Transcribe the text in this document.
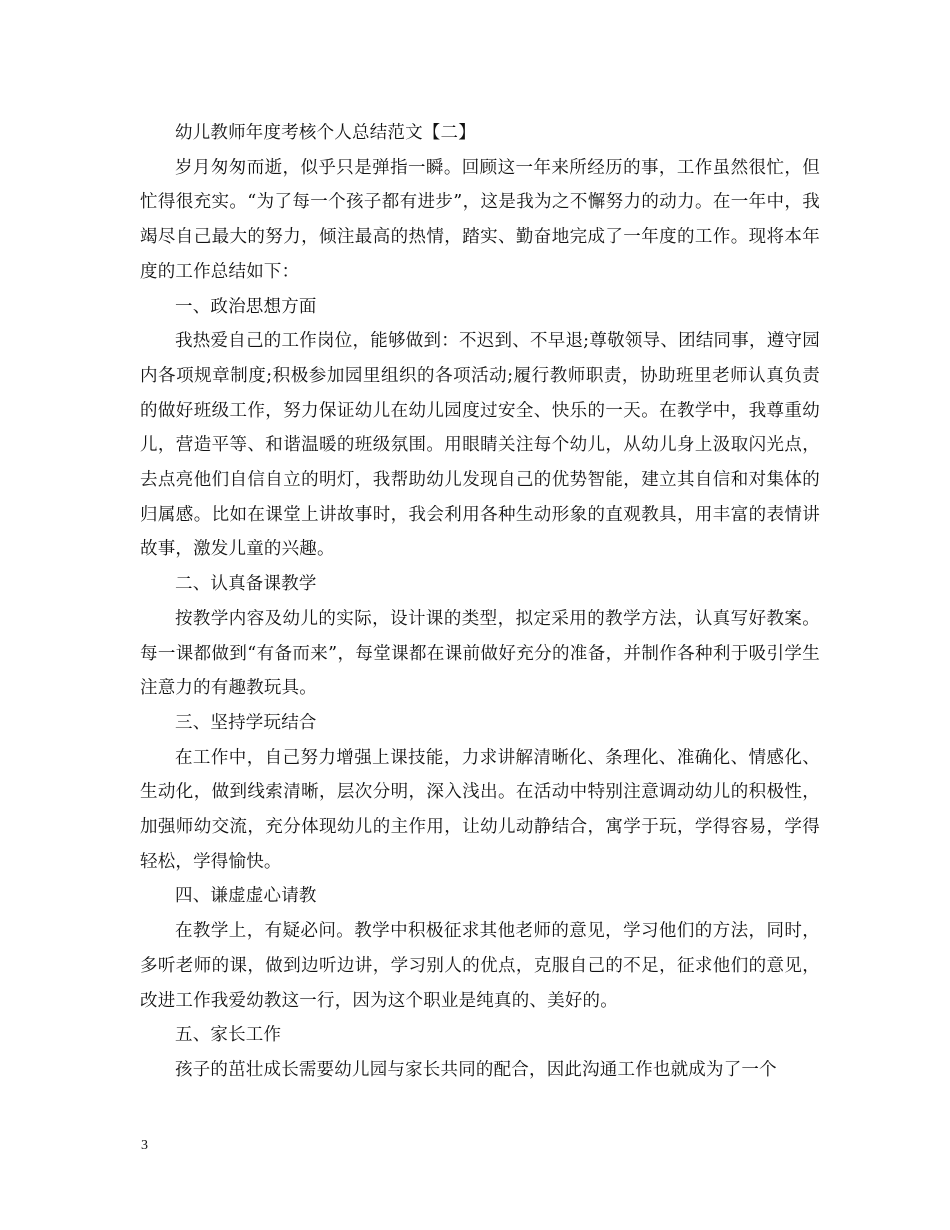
幼儿教师年度考核个人总结范文【二】

岁月匆匆而逝，似乎只是弹指一瞬。回顾这一年来所经历的事，工作虽然很忙，但忙得很充实。“为了每一个孩子都有进步”，这是我为之不懈努力的动力。在一年中，我竭尽自己最大的努力，倾注最高的热情，踏实、勤奋地完成了一年度的工作。现将本年度的工作总结如下：

一、政治思想方面

我热爱自己的工作岗位，能够做到：不迟到、不早退;尊敬领导、团结同事，遵守园内各项规章制度;积极参加园里组织的各项活动;履行教师职责，协助班里老师认真负责的做好班级工作，努力保证幼儿在幼儿园度过安全、快乐的一天。在教学中，我尊重幼儿，营造平等、和谐温暖的班级氛围。用眼睛关注每个幼儿，从幼儿身上汲取闪光点，去点亮他们自信自立的明灯，我帮助幼儿发现自己的优势智能，建立其自信和对集体的归属感。比如在课堂上讲故事时，我会利用各种生动形象的直观教具，用丰富的表情讲故事，激发儿童的兴趣。

二、认真备课教学

按教学内容及幼儿的实际，设计课的类型，拟定采用的教学方法，认真写好教案。每一课都做到“有备而来”，每堂课都在课前做好充分的准备，并制作各种利于吸引学生注意力的有趣教玩具。

三、坚持学玩结合

在工作中，自己努力增强上课技能，力求讲解清晰化、条理化、准确化、情感化、生动化，做到线索清晰，层次分明，深入浅出。在活动中特别注意调动幼儿的积极性，加强师幼交流，充分体现幼儿的主作用，让幼儿动静结合，寓学于玩，学得容易，学得轻松，学得愉快。

四、谦虚虚心请教

在教学上，有疑必问。教学中积极征求其他老师的意见，学习他们的方法，同时，多听老师的课，做到边听边讲，学习别人的优点，克服自己的不足，征求他们的意见，改进工作我爱幼教这一行，因为这个职业是纯真的、美好的。

五、家长工作

孩子的茁壮成长需要幼儿园与家长共同的配合，因此沟通工作也就成为了一个

3
